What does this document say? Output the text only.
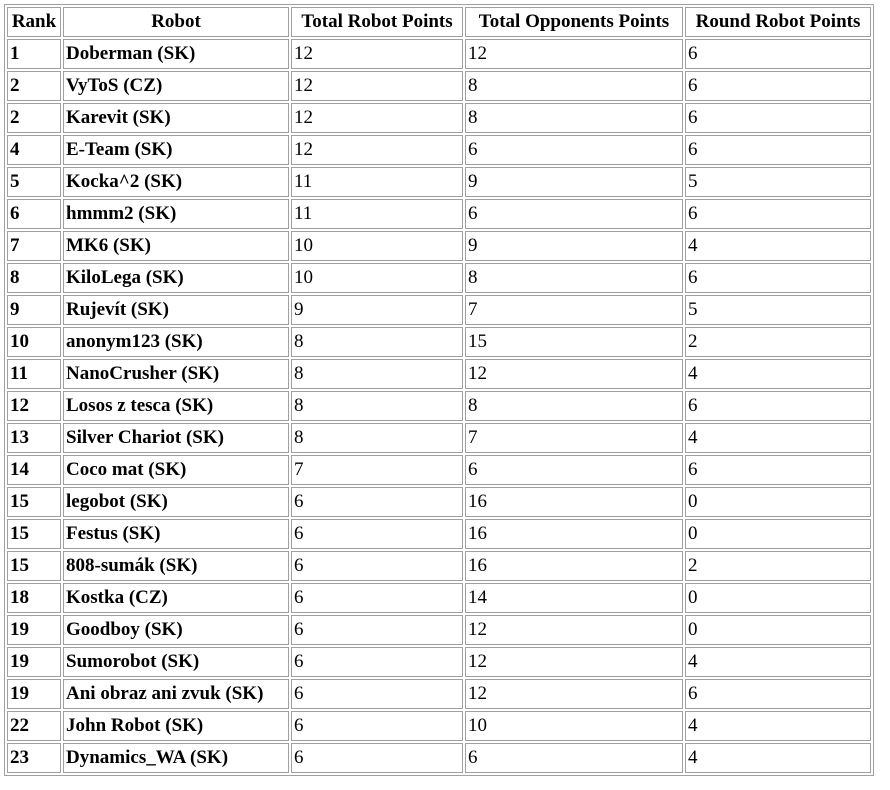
Rank	Robot	Total Robot Points	Total Opponents Points	Round Robot Points
1	Doberman (SK)	12	12	6
2	VyToS (CZ)	12	8	6
2	Karevit (SK)	12	8	6
4	E-Team (SK)	12	6	6
5	Kocka^2 (SK)	11	9	5
6	hmmm2 (SK)	11	6	6
7	MK6 (SK)	10	9	4
8	KiloLega (SK)	10	8	6
9	Rujevít (SK)	9	7	5
10	anonym123 (SK)	8	15	2
11	NanoCrusher (SK)	8	12	4
12	Losos z tesca (SK)	8	8	6
13	Silver Chariot (SK)	8	7	4
14	Coco mat (SK)	7	6	6
15	legobot (SK)	6	16	0
15	Festus (SK)	6	16	0
15	808-sumák (SK)	6	16	2
18	Kostka (CZ)	6	14	0
19	Goodboy (SK)	6	12	0
19	Sumorobot (SK)	6	12	4
19	Ani obraz ani zvuk (SK)	6	12	6
22	John Robot (SK)	6	10	4
23	Dynamics_WA (SK)	6	6	4
